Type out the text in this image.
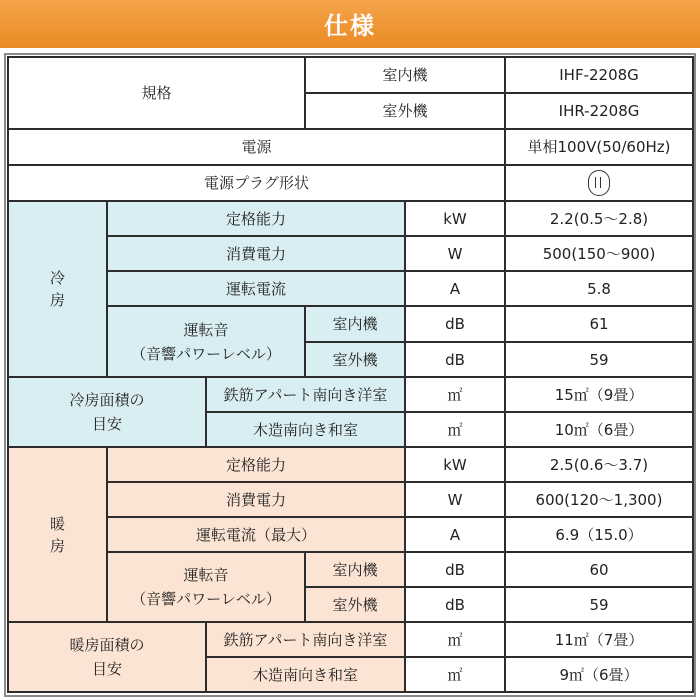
仕様
規格			室内機		IHF-2208G
			室外機		IHR-2208G
電源					単相100V(50/60Hz)
電源プラグ形状					

冷
房	定格能力			kW	2.2(0.5〜2.8)
	消費電力			W	500(150〜900)
	運転電流			A	5.8
	運転音
（音響パワーレベル）		室内機	dB	61
			室外機	dB	59
冷房面積の
目安		鉄筋アパート南向き洋室		㎡	15㎡（9畳）
		木造南向き和室		㎡	10㎡（6畳）
暖
房	定格能力			kW	2.5(0.6〜3.7)
	消費電力			W	600(120〜1,300)
	運転電流（最大）			A	6.9（15.0）
	運転音
（音響パワーレベル）		室内機	dB	60
			室外機	dB	59
暖房面積の
目安		鉄筋アパート南向き洋室		㎡	11㎡（7畳）
		木造南向き和室		㎡	9㎡（6畳）
